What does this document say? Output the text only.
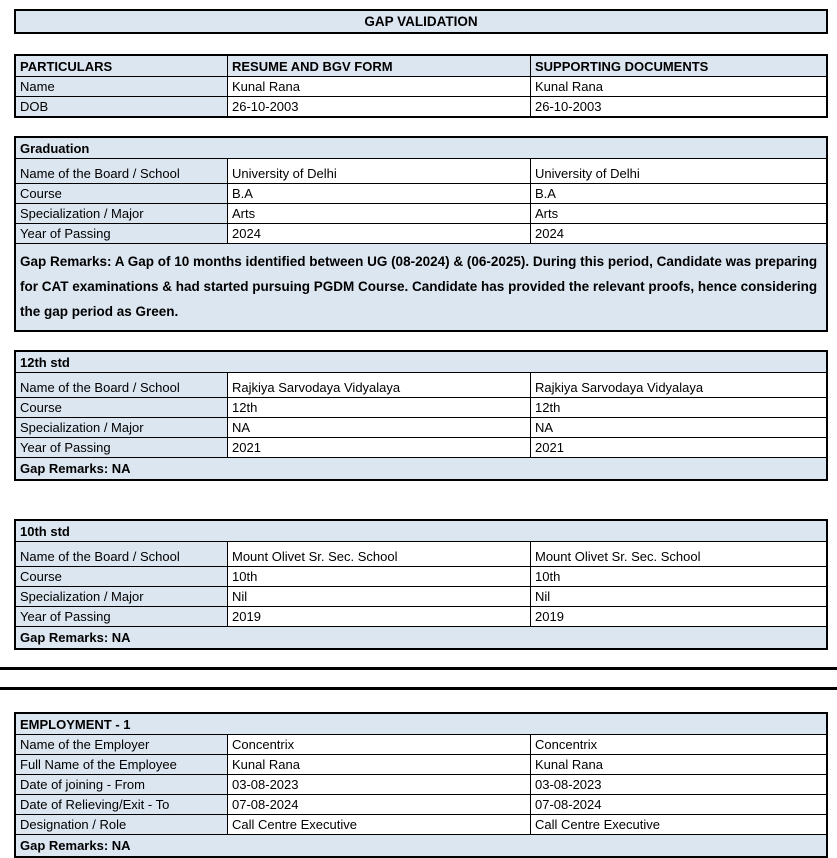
GAP VALIDATION
PARTICULARS	RESUME AND BGV FORM	SUPPORTING DOCUMENTS
Name	Kunal Rana	Kunal Rana
DOB	26-10-2003	26-10-2003
Graduation
Name of the Board / School	University of Delhi	University of Delhi
Course	B.A	B.A
Specialization / Major	Arts	Arts
Year of Passing	2024	2024
Gap Remarks: A Gap of 10 months identified between UG (08-2024) & (06-2025). During this period, Candidate was preparing for CAT examinations & had started pursuing PGDM Course. Candidate has provided the relevant proofs, hence considering the gap period as Green.
12th std
Name of the Board / School	Rajkiya Sarvodaya Vidyalaya	Rajkiya Sarvodaya Vidyalaya
Course	12th	12th
Specialization / Major	NA	NA
Year of Passing	2021	2021
Gap Remarks: NA
10th std
Name of the Board / School	Mount Olivet Sr. Sec. School	Mount Olivet Sr. Sec. School
Course	10th	10th
Specialization / Major	Nil	Nil
Year of Passing	2019	2019
Gap Remarks: NA
EMPLOYMENT - 1
Name of the Employer	Concentrix	Concentrix
Full Name of the Employee	Kunal Rana	Kunal Rana
Date of joining - From	03-08-2023	03-08-2023
Date of Relieving/Exit - To	07-08-2024	07-08-2024
Designation / Role	Call Centre Executive	Call Centre Executive
Gap Remarks: NA
